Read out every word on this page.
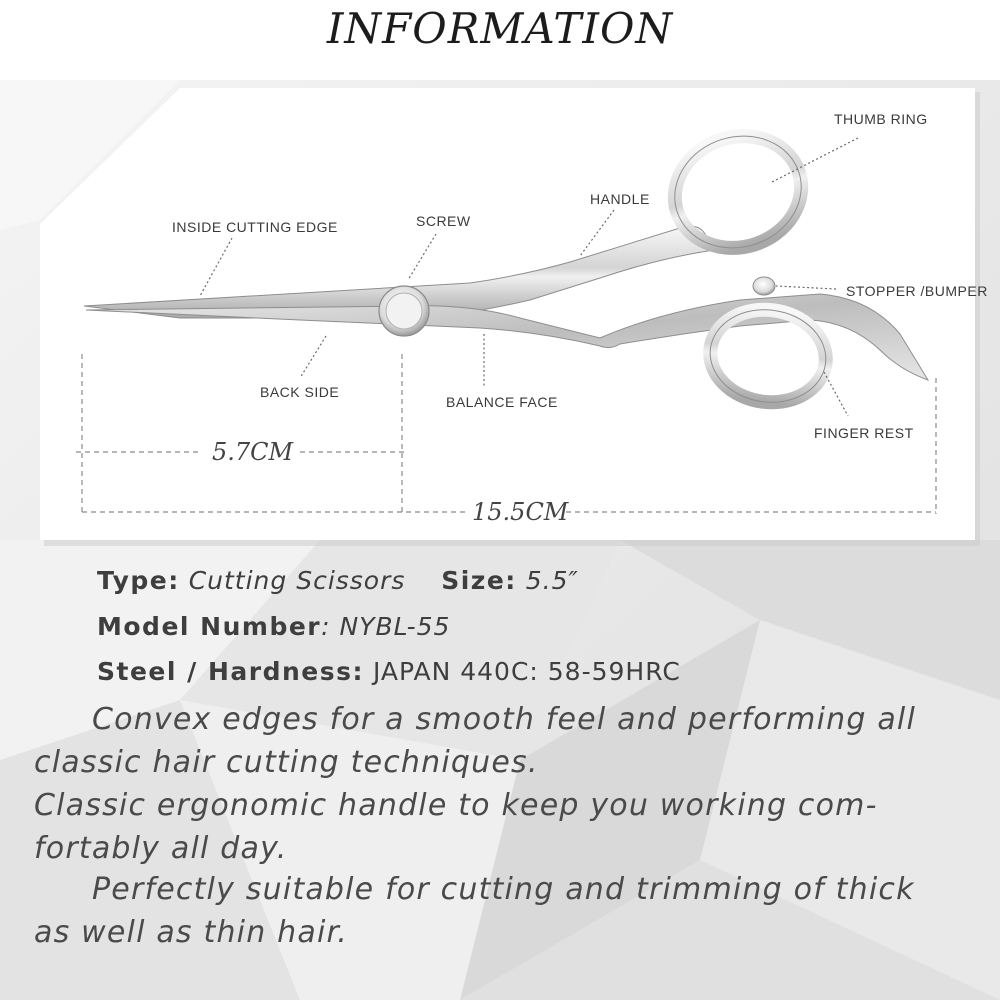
INFORMATION
THUMB RING
HANDLE
SCREW
INSIDE CUTTING EDGE
STOPPER /BUMPER
BACK SIDE
BALANCE FACE
FINGER REST
5.7CM
15.5CM
Type: Cutting Scissors Size: 5.5″
Model Number: NYBL-55
Steel / Hardness: JAPAN 440C: 58-59HRC
Convex edges for a smooth feel and performing all
classic hair cutting techniques.
Classic ergonomic handle to keep you working com-
fortably all day.
Perfectly suitable for cutting and trimming of thick
as well as thin hair.
